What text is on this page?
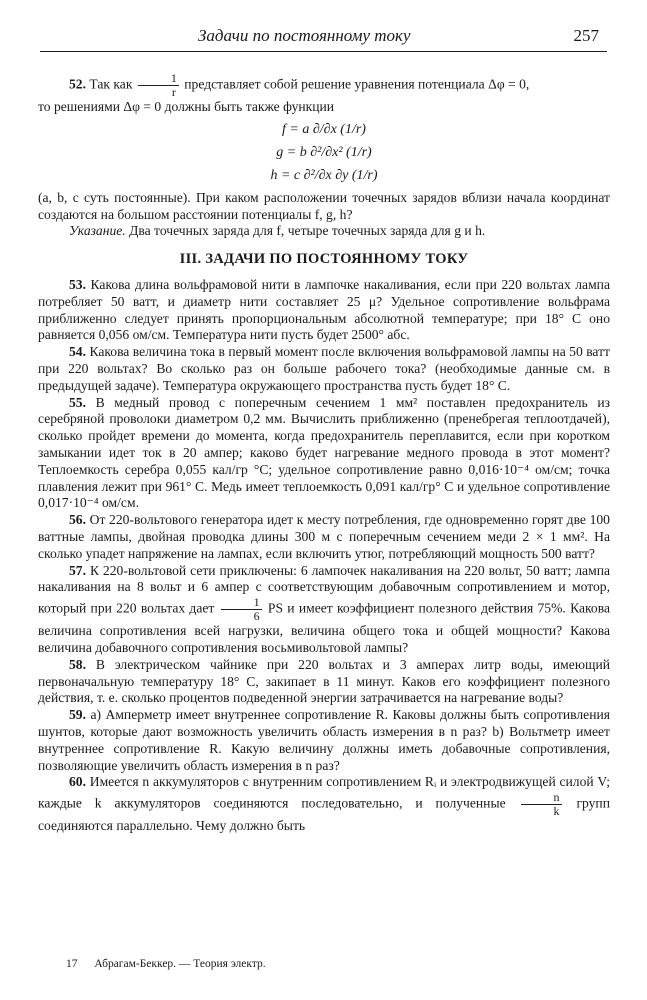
Задачи по постоянному току	257

52. Так как $\frac{1}{r}$ представляет собой решение уравнения потенциала Δφ = 0,

то решениями Δφ = 0 должны быть также функции

f = a ∂/∂x (1/r)
g = b ∂²/∂x² (1/r)
h = c ∂²/∂x ∂y (1/r)

(a, b, c суть постоянные). При каком расположении точечных зарядов вблизи начала координат создаются на большом расстоянии потенциалы f, g, h?

Указание. Два точечных заряда для f, четыре точечных заряда для g и h.

III. ЗАДАЧИ ПО ПОСТОЯННОМУ ТОКУ

53. Какова длина вольфрамовой нити в лампочке накаливания, если при 220 вольтах лампа потребляет 50 ватт, и диаметр нити составляет 25 μ? Удельное сопротивление вольфрама приближенно следует принять пропорциональным абсолютной температуре; при 18° C оно равняется 0,056 ом/см. Температура нити пусть будет 2500° абс.

54. Какова величина тока в первый момент после включения вольфрамовой лампы на 50 ватт при 220 вольтах? Во сколько раз он больше рабочего тока? (необходимые данные см. в предыдущей задаче). Температура окружающего пространства пусть будет 18° C.

55. В медный провод с поперечным сечением 1 мм² поставлен предохранитель из серебряной проволоки диаметром 0,2 мм. Вычислить приближенно (пренебрегая теплоотдачей), сколько пройдет времени до момента, когда предохранитель переплавится, если при коротком замыкании идет ток в 20 ампер; каково будет нагревание медного провода в этот момент? Теплоемкость серебра 0,055 кал/гр °C; удельное сопротивление равно 0,016·10⁻⁴ ом/см; точка плавления лежит при 961° C. Медь имеет теплоемкость 0,091 кал/гр° C и удельное сопротивление 0,017·10⁻⁴ ом/см.

56. От 220-вольтового генератора идет к месту потребления, где одновременно горят две 100 ваттные лампы, двойная проводка длины 300 м с поперечным сечением меди 2 × 1 мм². На сколько упадет напряжение на лампах, если включить утюг, потребляющий мощность 500 ватт?

57. К 220-вольтовой сети приключены: 6 лампочек накаливания на 220 вольт, 50 ватт; лампа накаливания на 8 вольт и 6 ампер с соответствующим добавочным сопротивлением и мотор, который при 220 вольтах дает $\frac{1}{6}$ PS и имеет коэффициент полезного действия 75%. Какова величина сопротивления всей нагрузки, величина общего тока и общей мощности? Какова величина добавочного сопротивления восьмивольтовой лампы?

58. В электрическом чайнике при 220 вольтах и 3 амперах литр воды, имеющий первоначальную температуру 18° C, закипает в 11 минут. Каков его коэффициент полезного действия, т. е. сколько процентов подведенной энергии затрачивается на нагревание воды?

59. a) Амперметр имеет внутреннее сопротивление R. Каковы должны быть сопротивления шунтов, которые дают возможность увеличить область измерения в n раз? b) Вольтметр имеет внутреннее сопротивление R. Какую величину должны иметь добавочные сопротивления, позволяющие увеличить область измерения в n раз?

60. Имеется n аккумуляторов с внутренним сопротивлением Rᵢ и электродвижущей силой V; каждые k аккумуляторов соединяются последовательно, и полученные $\frac{n}{k}$ групп соединяются параллельно. Чему должно быть

17 Абрагам-Беккер. — Теория электр.
